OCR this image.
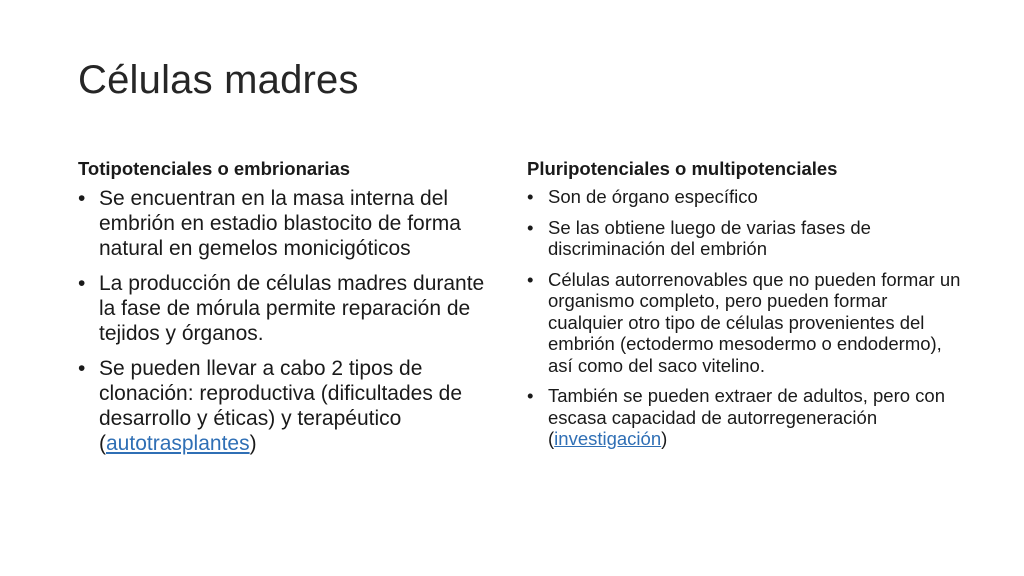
Células madres
Totipotenciales o embrionarias
• Se encuentran en la masa interna del embrión en estadio blastocito de forma natural en gemelos monicigóticos
• La producción de células madres durante la fase de mórula permite reparación de tejidos y órganos.
• Se pueden llevar a cabo 2 tipos de clonación: reproductiva (dificultades de desarrollo y éticas) y terapéutico (autotrasplantes)
Pluripotenciales o multipotenciales
• Son de órgano específico
• Se las obtiene luego de varias fases de discriminación del embrión
• Células autorrenovables que no pueden formar un organismo completo, pero pueden formar cualquier otro tipo de células provenientes del embrión (ectodermo mesodermo o endodermo), así como del saco vitelino.
• También se pueden extraer de adultos, pero con escasa capacidad de autorregeneración (investigación)
